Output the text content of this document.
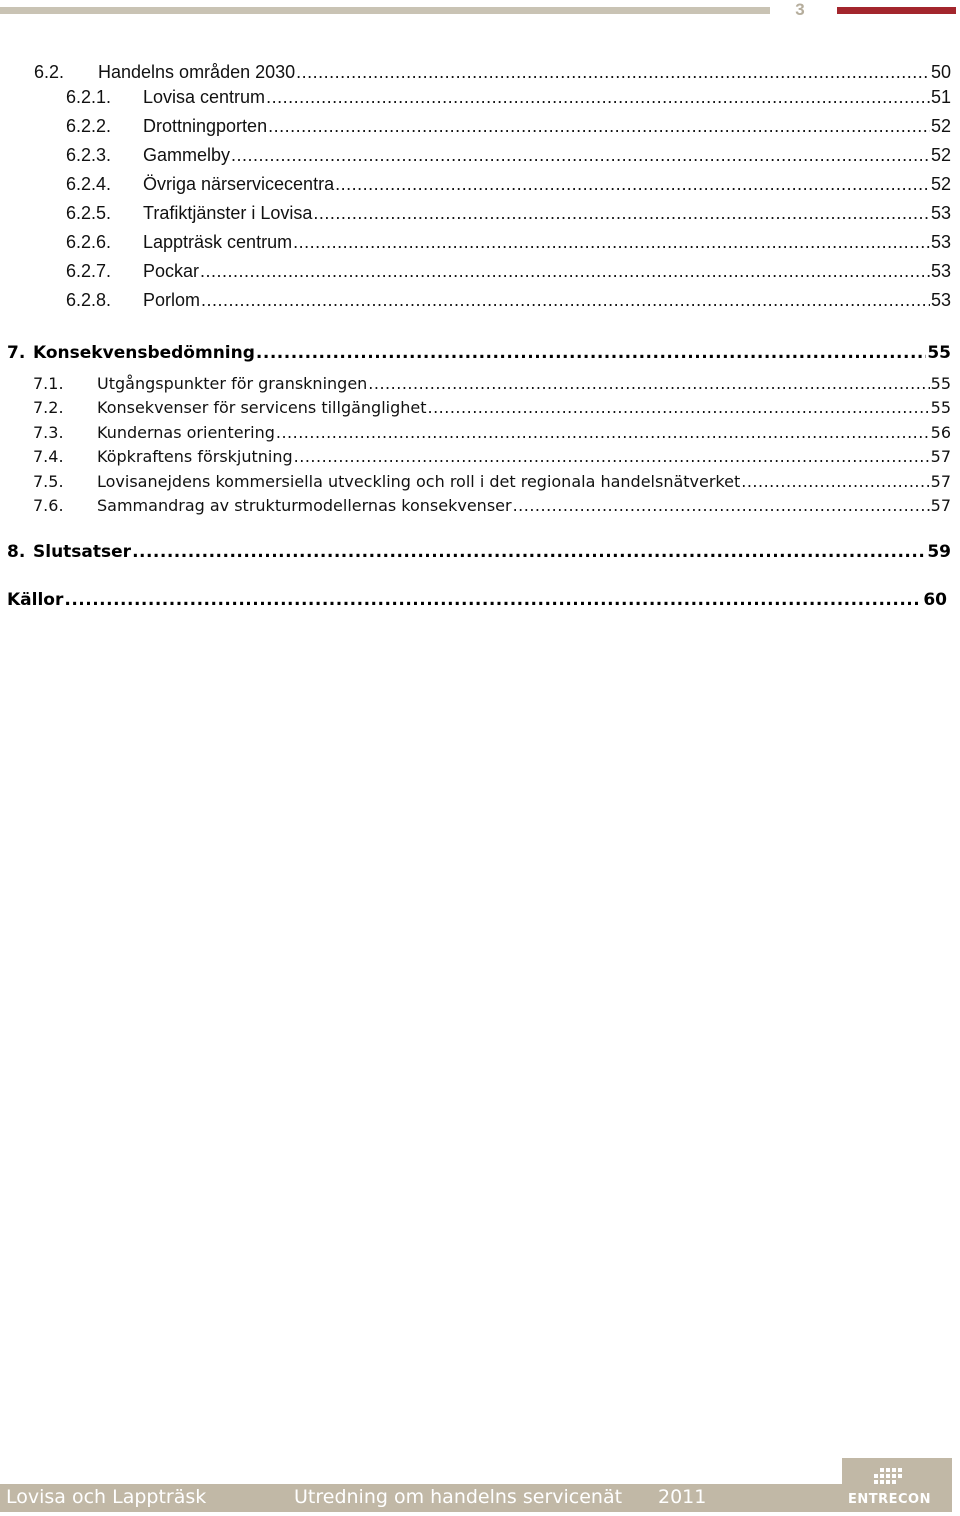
3
6.2.	Handelns områden 2030 .....	50
6.2.1.	Lovisa centrum .....	51
6.2.2.	Drottningporten .....	52
6.2.3.	Gammelby .....	52
6.2.4.	Övriga närservicecentra .....	52
6.2.5.	Trafiktjänster i Lovisa .....	53
6.2.6.	Lappträsk centrum .....	53
6.2.7.	Pockar .....	53
6.2.8.	Porlom .....	53
7. Konsekvensbedömning .....	55
7.1.	Utgångspunkter för granskningen .....	55
7.2.	Konsekvenser för servicens tillgänglighet .....	55
7.3.	Kundernas orientering .....	56
7.4.	Köpkraftens förskjutning .....	57
7.5.	Lovisanejdens kommersiella utveckling och roll i det regionala handelsnätverket .....	57
7.6.	Sammandrag av strukturmodellernas konsekvenser .....	57
8. Slutsatser .....	59
Källor .....	60
Lovisa och Lappträsk	Utredning om handelns servicenät 2011	ENTRECON
